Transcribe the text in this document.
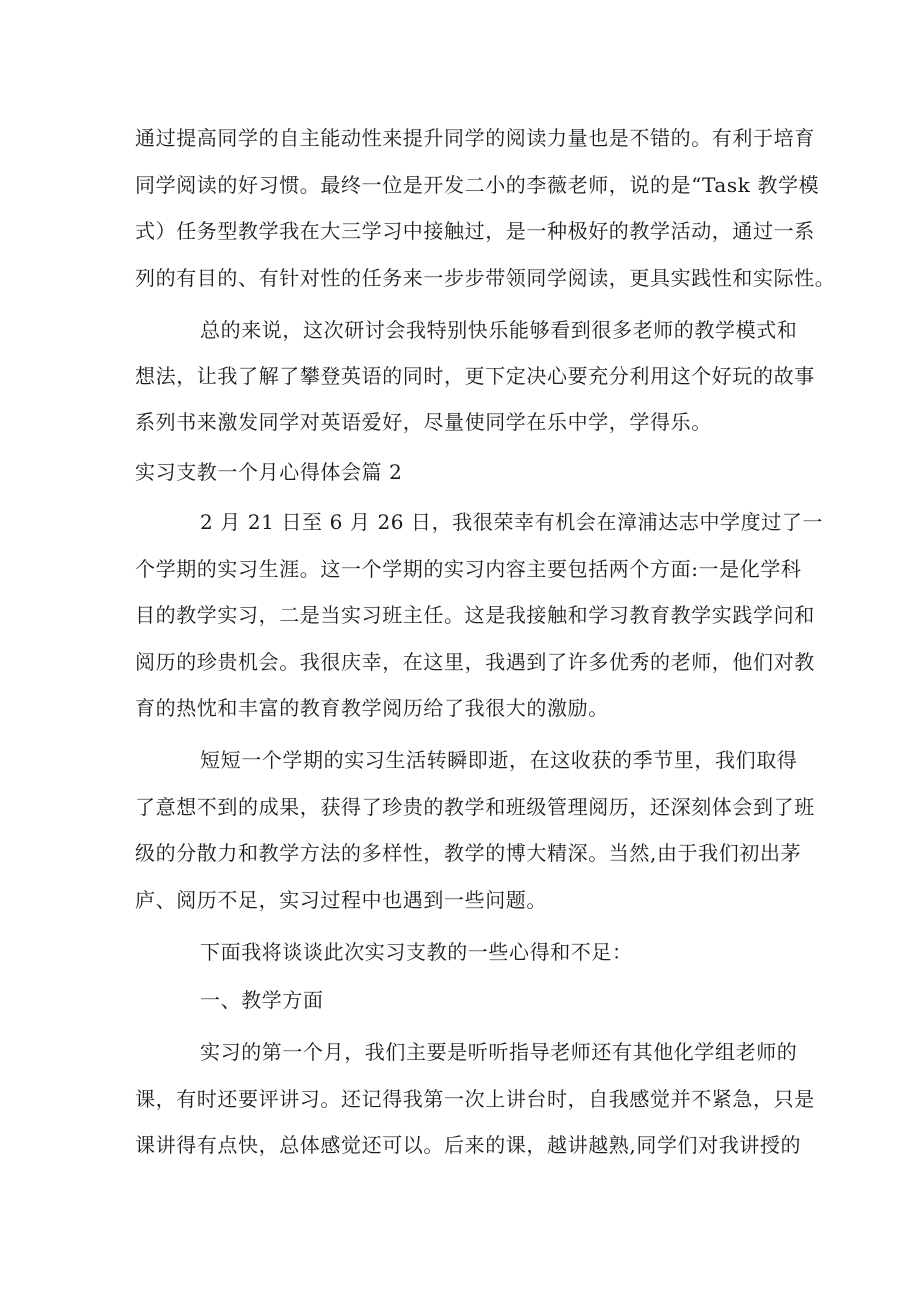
通过提高同学的自主能动性来提升同学的阅读力量也是不错的。有利于培育
同学阅读的好习惯。最终一位是开发二小的李薇老师，说的是“Task 教学模
式）任务型教学我在大三学习中接触过，是一种极好的教学活动，通过一系
列的有目的、有针对性的任务来一步步带领同学阅读，更具实践性和实际性。
总的来说，这次研讨会我特别快乐能够看到很多老师的教学模式和
想法，让我了解了攀登英语的同时，更下定决心要充分利用这个好玩的故事
系列书来激发同学对英语爱好，尽量使同学在乐中学，学得乐。
实习支教一个月心得体会篇 2
2 月 21 日至 6 月 26 日，我很荣幸有机会在漳浦达志中学度过了一
个学期的实习生涯。这一个学期的实习内容主要包括两个方面:一是化学科
目的教学实习，二是当实习班主任。这是我接触和学习教育教学实践学问和
阅历的珍贵机会。我很庆幸，在这里，我遇到了许多优秀的老师，他们对教
育的热忱和丰富的教育教学阅历给了我很大的激励。
短短一个学期的实习生活转瞬即逝，在这收获的季节里，我们取得
了意想不到的成果，获得了珍贵的教学和班级管理阅历，还深刻体会到了班
级的分散力和教学方法的多样性，教学的博大精深。当然,由于我们初出茅
庐、阅历不足，实习过程中也遇到一些问题。
下面我将谈谈此次实习支教的一些心得和不足：
一、教学方面
实习的第一个月，我们主要是听听指导老师还有其他化学组老师的
课，有时还要评讲习。还记得我第一次上讲台时，自我感觉并不紧急，只是
课讲得有点快，总体感觉还可以。后来的课，越讲越熟,同学们对我讲授的
